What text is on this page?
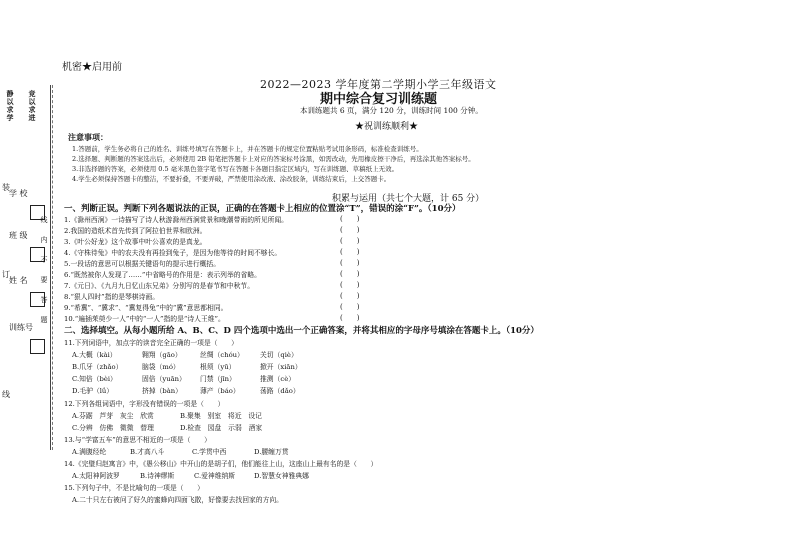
机密★启用前
静以求学
竞以求进
学 校
班 级
姓 名
训练号
装
订
线
线内不要答题
2022—2023 学年度第二学期小学三年级语文
期中综合复习训练题
本训练题共 6 页，满分 120 分，训练时间 100 分钟。
★祝训练顺利★
注意事项：
1.答题前，学生务必将自己的姓名、训练号填写在答题卡上，并在答题卡的规定位置粘贴考试用条形码，标准检查训练号。
2.选择题、判断题的答案选出后，必须使用 2B 铅笔把答题卡上对应的答案标号涂黑，如需改动，先用橡皮擦干净后，再选涂其他答案标号。
3.非选择题的答案，必须使用 0.5 毫米黑色签字笔书写在答题卡各题目指定区域内，写在训练题、草稿纸上无效。
4.学生必须保持答题卡的整洁，不要折叠，不要弄破，严禁使用涂改液、涂改胶条，训练结束后，上交答题卡。
积累与运用（共七个大题，计 65 分）
一、判断正误。判断下列各题说法的正误，正确的在答题卡上相应的位置涂“T”，错误的涂“F”。（10分）
1.《滁州西涧》一诗描写了诗人秋游滁州西涧赏景和晚潮带雨的所见所闻。	(　　)
2.我国的造纸术首先传到了阿拉伯世界和欧洲。	(　　)
3.《叶公好龙》这个故事中叶公喜欢的是真龙。	(　　)
4.《守株待兔》中的农夫没有再捡到兔子，是因为他等待的时间不够长。	(　　)
5.一段话的意思可以根据关键语句的提示进行概括。	(　　)
6.“既然被你人发现了……”中省略号的作用是：表示列举的省略。	(　　)
7.《元日》、《九月九日忆山东兄弟》分别写的是春节和中秋节。	(　　)
8.“狠人四时”指的是琴棋诗画。	(　　)
9.“希冀”、“冀求”、“冀复得兔”中的“冀”意思都相同。	(　　)
10.“遍插茱萸少一人”中的“一人”指的是“诗人王维”。	(　　)
二、选择填空。从每小题所给 A、B、C、D 四个选项中选出一个正确答案，并将其相应的字母序号填涂在答题卡上。（10分）
11.下列词语中，加点字的读音完全正确的一项是（　　）
A.大概（kài）	翱翔（gāo）	丝绸（chóu） 关切（qiè）
B.爪牙（zhǎo）	脑袋（mó）	根须（yū）	掀开（xiān）
C.知倍（bèi）	固倍（yuān） 门禁（jīn）	推测（cè）
D.毛驴（lǘ）	挤掉（bàn）	薄产（báo）	荡路（dǎo）
12.下列各组词语中，字形没有错误的一项是（　　）
A.芬踞　芦芽　灰尘　欣赏	B.聚集　别室　将近　设记
C.分辨　仿佛　微微　替理	D.检查　园盘　示弱　酒家
13.与“学富五车”的意思不相近的一项是（　　）
A.满腹经纶	B.才高八斗	C.学贯中西	D.腰缠万贯
14.《完璧归赵寓言》中，《愚公移山》中开山的是胡子们，他们能往上山，这座山上最有名的是（　　）
A.太阳神阿波罗	B.诗神缪斯	C.爱神维纳斯	D.智慧女神雅典娜
15.下列句子中，不是比喻句的一项是（　　）
A.二十只左右被问了好久的蜜蜂向四面飞散，好像要去找回家的方向。
